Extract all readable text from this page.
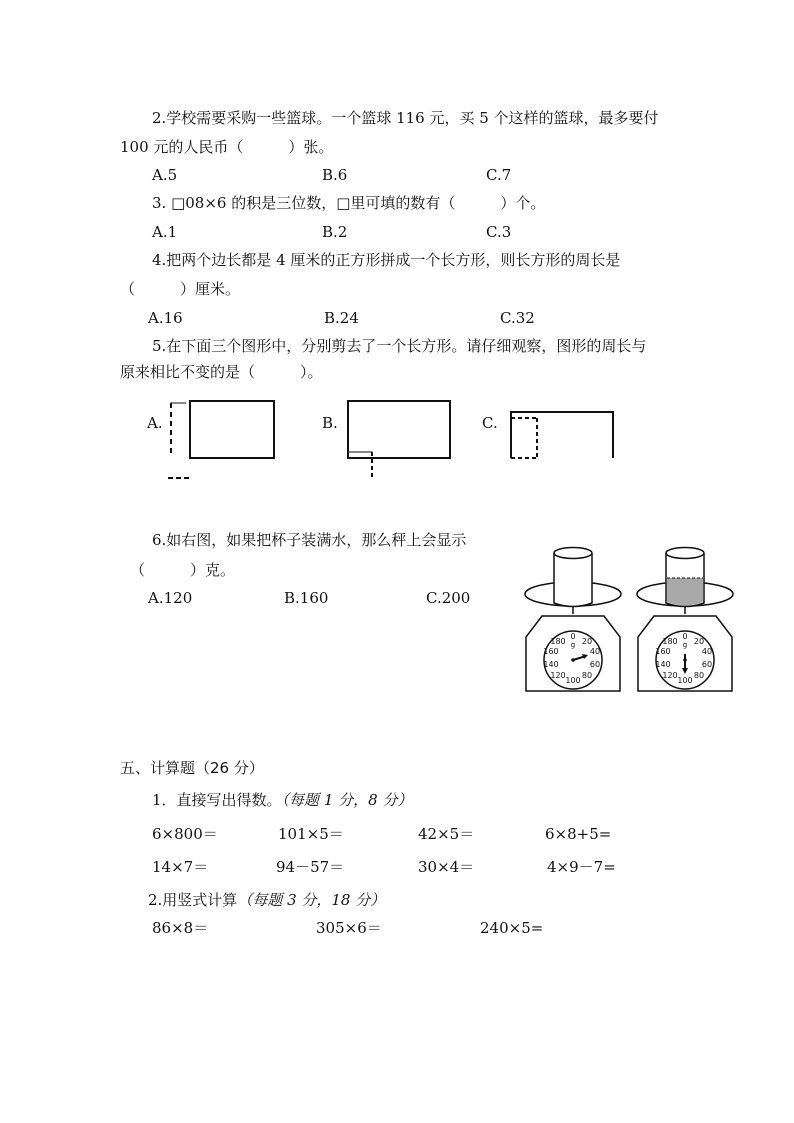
2.学校需要采购一些篮球。一个篮球 116 元，买 5 个这样的篮球，最多要付
100 元的人民币（　　　）张。
A.5	B.6	C.7
3. □08×6 的积是三位数，□里可填的数有（　　　）个。
A.1	B.2	C.3
4.把两个边长都是 4 厘米的正方形拼成一个长方形，则长方形的周长是
（　　　）厘米。
A.16	B.24	C.32
5.在下面三个图形中，分别剪去了一个长方形。请仔细观察，图形的周长与
原来相比不变的是（　　　）。
A.	B.	C.
6.如右图，如果把杯子装满水，那么秤上会显示
（　　　）克。
A.120	B.160	C.200
0
g 20
40
60
80
100
120
140
160
180
0
g 20
40
60
80
100
120
140
160
180
五、计算题（26 分）
1．直接写出得数。（每题 1 分，8 分）
6×800＝	101×5＝	42×5＝	6×8+5=
14×7＝	94－57＝	30×4＝	4×9－7=
2.用竖式计算（每题 3 分，18 分）
86×8＝	305×6＝	240×5=
